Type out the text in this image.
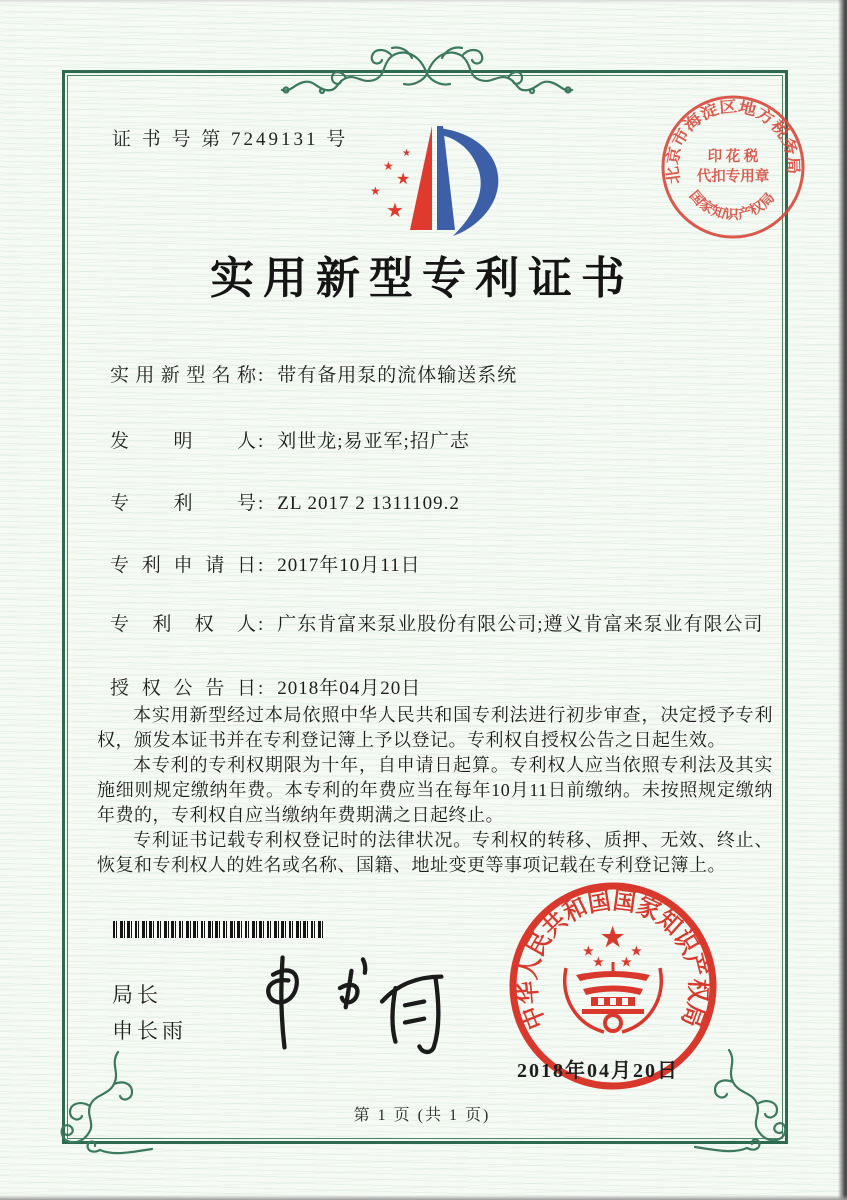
证 书 号 第 7249131 号
★
★
★
★
★
北京市海淀区地方税务局
印 花 税
代扣专用章
国家知识产权局
实用新型专利证书
实用新型名称 : 带有备用泵的流体输送系统
发明人 : 刘世龙;易亚军;招广志
专利号 : ZL 2017 2 1311109.2
专利申请日 : 2017年10月11日
专利权人 : 广东肯富来泵业股份有限公司;遵义肯富来泵业有限公司
授权公告日 : 2018年04月20日

本实用新型经过本局依照中华人民共和国专利法进行初步审查，决定授予专利权，颁发本证书并在专利登记簿上予以登记。专利权自授权公告之日起生效。

本专利的专利权期限为十年，自申请日起算。专利权人应当依照专利法及其实施细则规定缴纳年费。本专利的年费应当在每年10月11日前缴纳。未按照规定缴纳年费的，专利权自应当缴纳年费期满之日起终止。

专利证书记载专利权登记时的法律状况。专利权的转移、质押、无效、终止、恢复和专利权人的姓名或名称、国籍、地址变更等事项记载在专利登记簿上。

局长
申长雨	中华人民共和国国家知识产权局
★
★	★
★ ★
2018年04月20日
第 1 页 (共 1 页)
